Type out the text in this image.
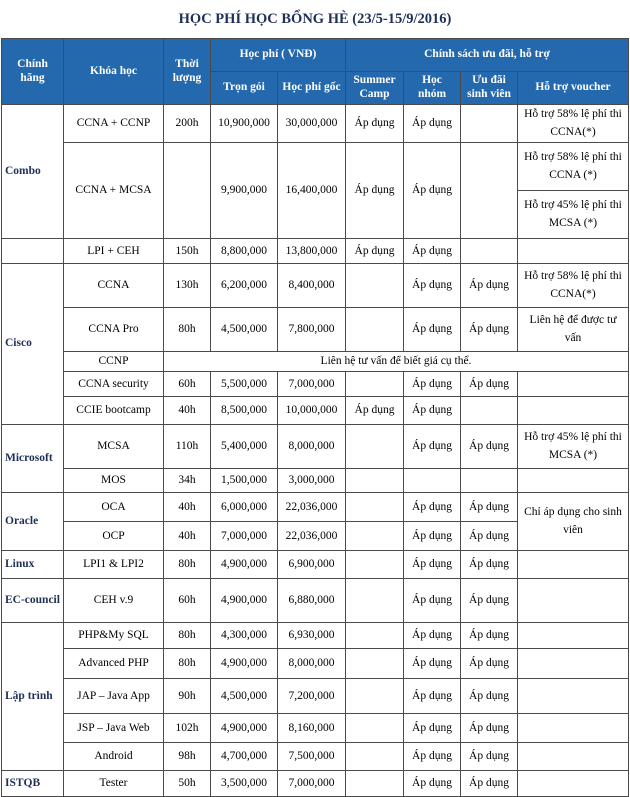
HỌC PHÍ HỌC BỔNG HÈ (23/5-15/9/2016)
Chính hãng	Khóa học	Thời lượng	Học phí ( VNĐ)		Chính sách ưu đãi, hỗ trợ			
			Trọn gói	Học phí gốc	Summer Camp	Học nhóm	Ưu đãi sinh viên	Hỗ trợ voucher
Combo	CCNA + CCNP	200h	10,900,000	30,000,000	Áp dụng	Áp dụng		Hỗ trợ 58% lệ phí thi CCNA(*)
	CCNA + MCSA		9,900,000	16,400,000	Áp dụng	Áp dụng		Hỗ trợ 58% lệ phí thi CCNA (*)
								Hỗ trợ 45% lệ phí thi MCSA (*)
	LPI + CEH	150h	8,800,000	13,800,000	Áp dụng	Áp dụng		
Cisco	CCNA	130h	6,200,000	8,400,000		Áp dụng	Áp dụng	Hỗ trợ 58% lệ phí thi CCNA(*)
	CCNA Pro	80h	4,500,000	7,800,000		Áp dụng	Áp dụng	Liên hệ để được tư vấn
	CCNP	Liên hệ tư vấn để biết giá cụ thể.						
	CCNA security	60h	5,500,000	7,000,000		Áp dụng	Áp dụng	
	CCIE bootcamp	40h	8,500,000	10,000,000	Áp dụng	Áp dụng		
Microsoft	MCSA	110h	5,400,000	8,000,000		Áp dụng	Áp dụng	Hỗ trợ 45% lệ phí thi MCSA (*)
	MOS	34h	1,500,000	3,000,000				
Oracle	OCA	40h	6,000,000	22,036,000		Áp dụng	Áp dụng	Chỉ áp dụng cho sinh viên
	OCP	40h	7,000,000	22,036,000		Áp dụng	Áp dụng	
Linux	LPI1 & LPI2	80h	4,900,000	6,900,000		Áp dụng	Áp dụng	
EC-council	CEH v.9	60h	4,900,000	6,880,000		Áp dụng	Áp dụng	
Lập trình	PHP&My SQL	80h	4,300,000	6,930,000		Áp dụng	Áp dụng	
	Advanced PHP	80h	4,900,000	8,000,000		Áp dụng	Áp dụng	
	JAP – Java App	90h	4,500,000	7,200,000		Áp dụng	Áp dụng	
	JSP – Java Web	102h	4,900,000	8,160,000		Áp dụng	Áp dụng	
	Android	98h	4,700,000	7,500,000		Áp dụng	Áp dụng	
ISTQB	Tester	50h	3,500,000	7,000,000		Áp dụng	Áp dụng	
